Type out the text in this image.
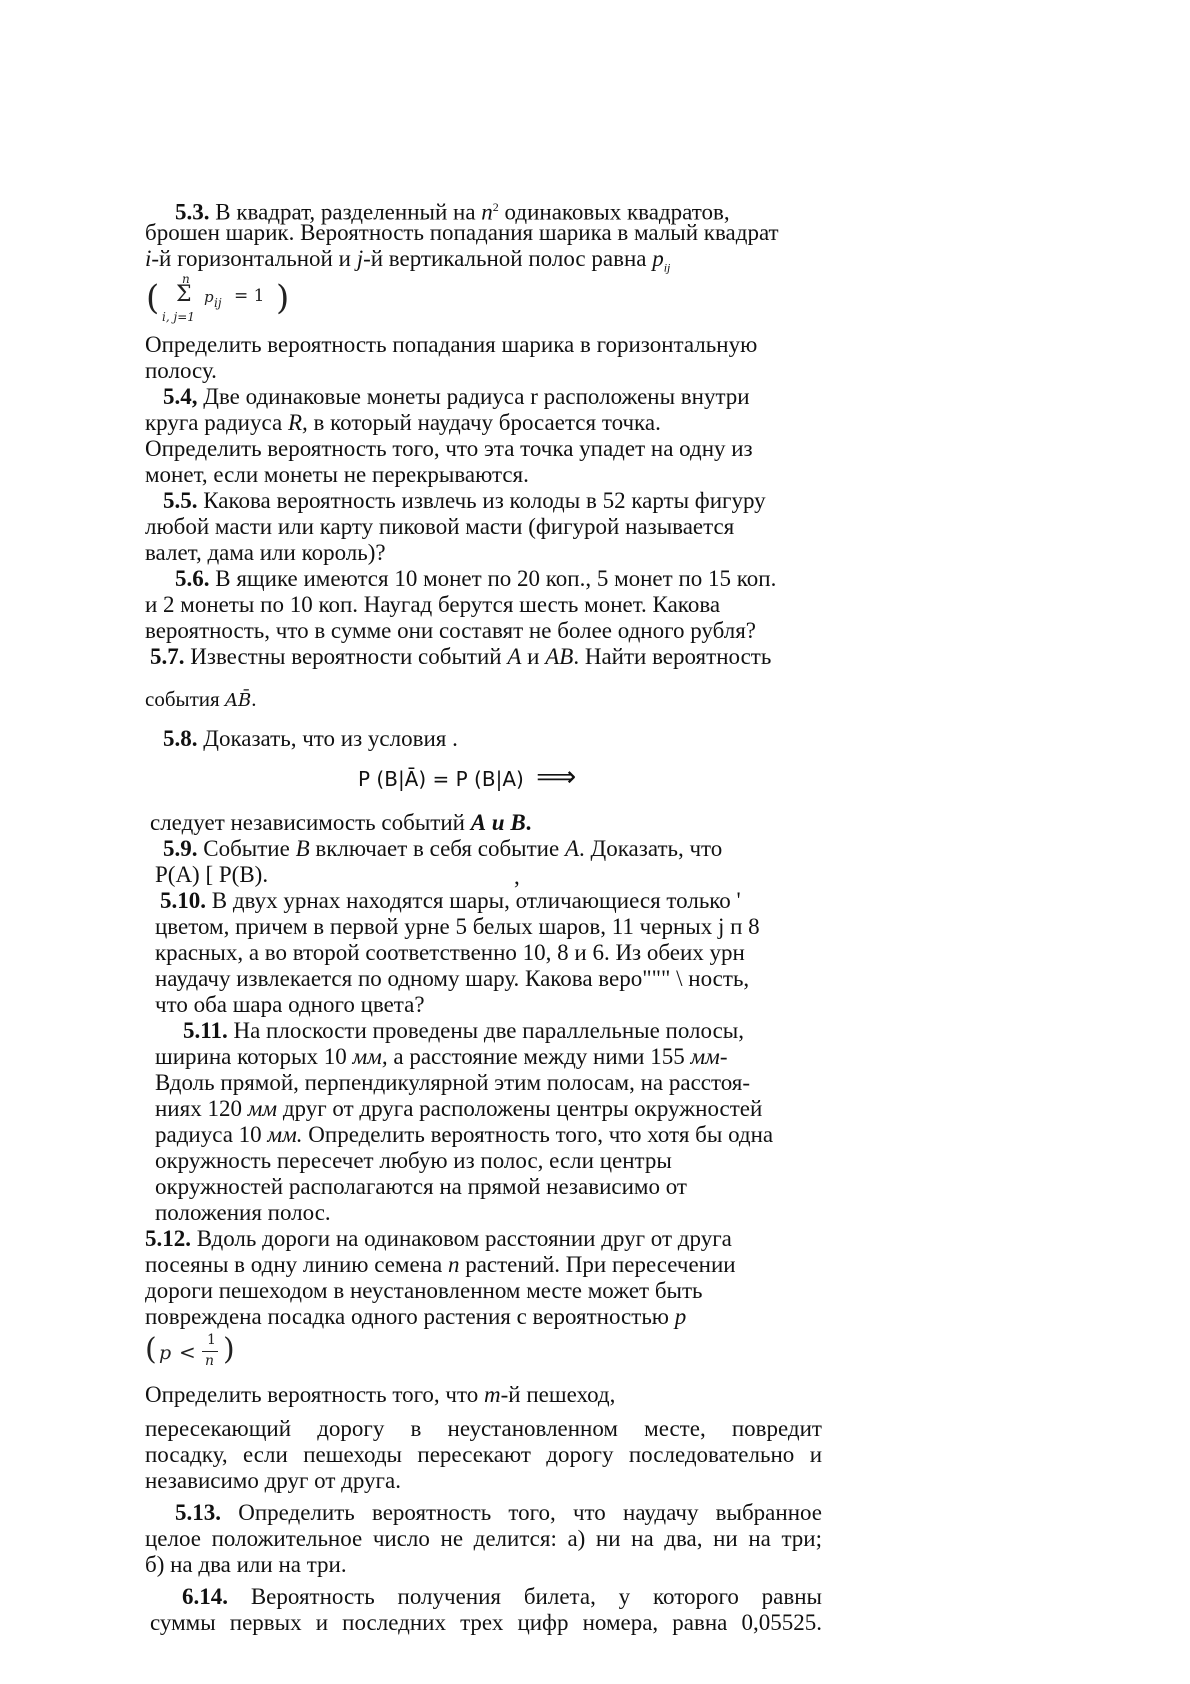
5.3. В квадрат, разделенный на $n^2$ одинаковых квадратов,
брошен шарик. Вероятность попадания шарика в малый квадрат
i-й горизонтальной и j-й вертикальной полос равна $p_{ij}$
( n
Σ
i, j=1
p ij = 1 )
Определить вероятность попадания шарика в горизонтальную
полосу.
5.4, Две одинаковые монеты радиуса r расположены внутри
круга радиуса R, в который наудачу бросается точка.
Определить вероятность того, что эта точка упадет на одну из
монет, если монеты не перекрываются.
5.5. Какова вероятность извлечь из колоды в 52 карты фигуру
любой масти или карту пиковой масти (фигурой называется
валет, дама или король)?
5.6. В ящике имеются 10 монет по 20 коп., 5 монет по 15 коп.
и 2 монеты по 10 коп. Наугад берутся шесть монет. Какова
вероятность, что в сумме они составят не более одного рубля?
5.7. Известны вероятности событий А и АВ. Найти вероятность
события AB̄.
5.8. Доказать, что из условия .
P (B|Ā) = P (B|A) ⟹
следует независимость событий А и В.
5.9. Событие В включает в себя событие А. Доказать, что
Р(А) [ Р(В).	,
5.10. В двух урнах находятся шары, отличающиеся только '
цветом, причем в первой урне 5 белых шаров, 11 черных j п 8
красных, а во второй соответственно 10, 8 и 6. Из обеих урн
наудачу извлекается по одному шару. Какова веро""" \ ность,
что оба шара одного цвета?
5.11. На плоскости проведены две параллельные полосы,
ширина которых 10 мм, а расстояние между ними 155 мм-
Вдоль прямой, перпендикулярной этим полосам, на расстоя-
ниях 120 мм друг от друга расположены центры окружностей
радиуса 10 мм. Определить вероятность того, что хотя бы одна
окружность пересечет любую из полос, если центры
окружностей располагаются на прямой независимо от
положения полос.
5.12. Вдоль дороги на одинаковом расстоянии друг от друга
посеяны в одну линию семена n растений. При пересечении
дороги пешеходом в неустановленном месте может быть
повреждена посадка одного растения с вероятностью р
( p < 1
n )
Определить вероятность того, что m-й пешеход,
пересекающий дорогу в неустановленном месте, повредит
посадку, если пешеходы пересекают дорогу последовательно и
независимо друг от друга.
5.13. Определить вероятность того, что наудачу выбранное
целое положительное число не делится: а) ни на два, ни на три;
б) на два или на три.
6.14. Вероятность получения билета, у которого равны
суммы первых и последних трех цифр номера, равна 0,05525.
